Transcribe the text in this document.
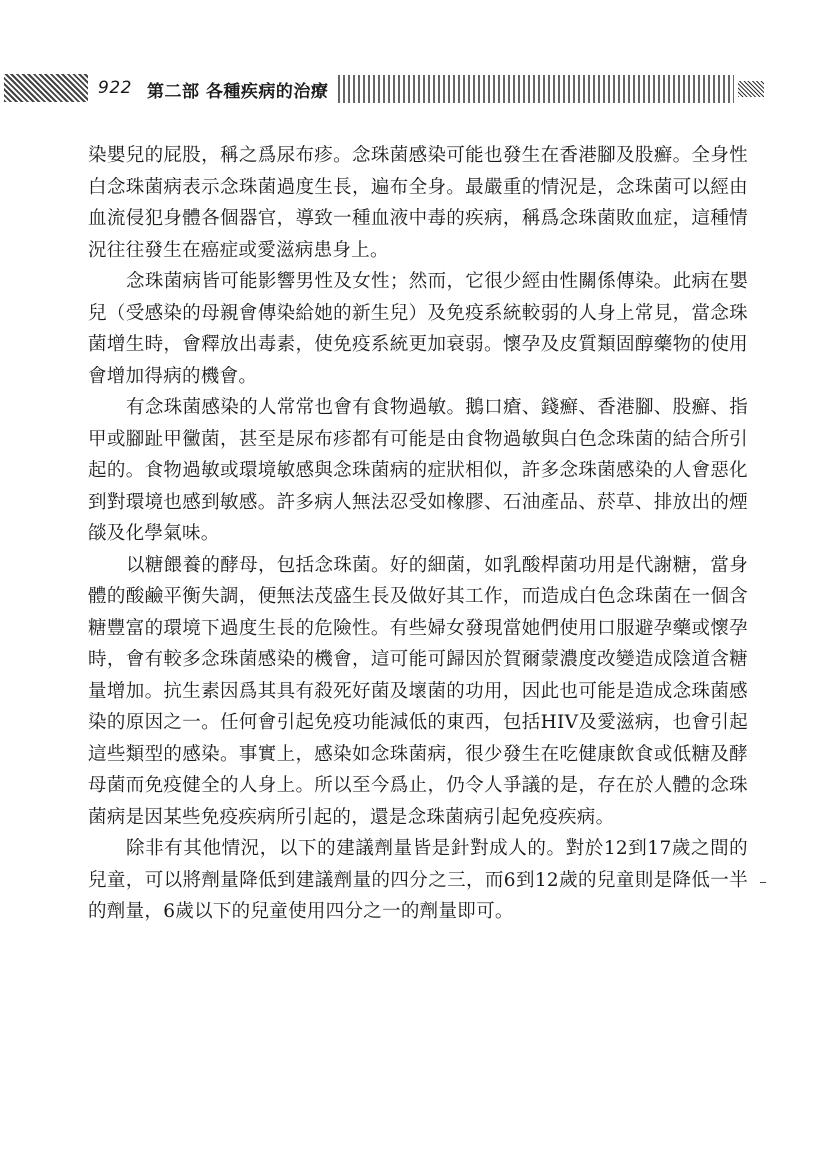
922 第二部 各種疾病的治療

染嬰兒的屁股，稱之爲尿布疹。念珠菌感染可能也發生在香港腳及股癬。全身性白念珠菌病表示念珠菌過度生長，遍布全身。最嚴重的情況是，念珠菌可以經由血流侵犯身體各個器官，導致一種血液中毒的疾病，稱爲念珠菌敗血症，這種情況往往發生在癌症或愛滋病患身上。

念珠菌病皆可能影響男性及女性；然而，它很少經由性關係傳染。此病在嬰兒（受感染的母親會傳染給她的新生兒）及免疫系統較弱的人身上常見，當念珠菌增生時，會釋放出毒素，使免疫系統更加衰弱。懷孕及皮質類固醇藥物的使用會增加得病的機會。

有念珠菌感染的人常常也會有食物過敏。鵝口瘡、錢癬、香港腳、股癬、指甲或腳趾甲黴菌，甚至是尿布疹都有可能是由食物過敏與白色念珠菌的結合所引起的。食物過敏或環境敏感與念珠菌病的症狀相似，許多念珠菌感染的人會惡化到對環境也感到敏感。許多病人無法忍受如橡膠、石油產品、菸草、排放出的煙燄及化學氣味。

以糖餵養的酵母，包括念珠菌。好的細菌，如乳酸桿菌功用是代謝糖，當身體的酸鹼平衡失調，便無法茂盛生長及做好其工作，而造成白色念珠菌在一個含糖豐富的環境下過度生長的危險性。有些婦女發現當她們使用口服避孕藥或懷孕時，會有較多念珠菌感染的機會，這可能可歸因於賀爾蒙濃度改變造成陰道含糖量增加。抗生素因爲其具有殺死好菌及壞菌的功用，因此也可能是造成念珠菌感染的原因之一。任何會引起免疫功能減低的東西，包括HIV及愛滋病，也會引起這些類型的感染。事實上，感染如念珠菌病，很少發生在吃健康飲食或低糖及酵母菌而免疫健全的人身上。所以至今爲止，仍令人爭議的是，存在於人體的念珠菌病是因某些免疫疾病所引起的，還是念珠菌病引起免疫疾病。

除非有其他情況，以下的建議劑量皆是針對成人的。對於12到17歲之間的兒童，可以將劑量降低到建議劑量的四分之三，而6到12歲的兒童則是降低一半的劑量，6歲以下的兒童使用四分之一的劑量即可。
